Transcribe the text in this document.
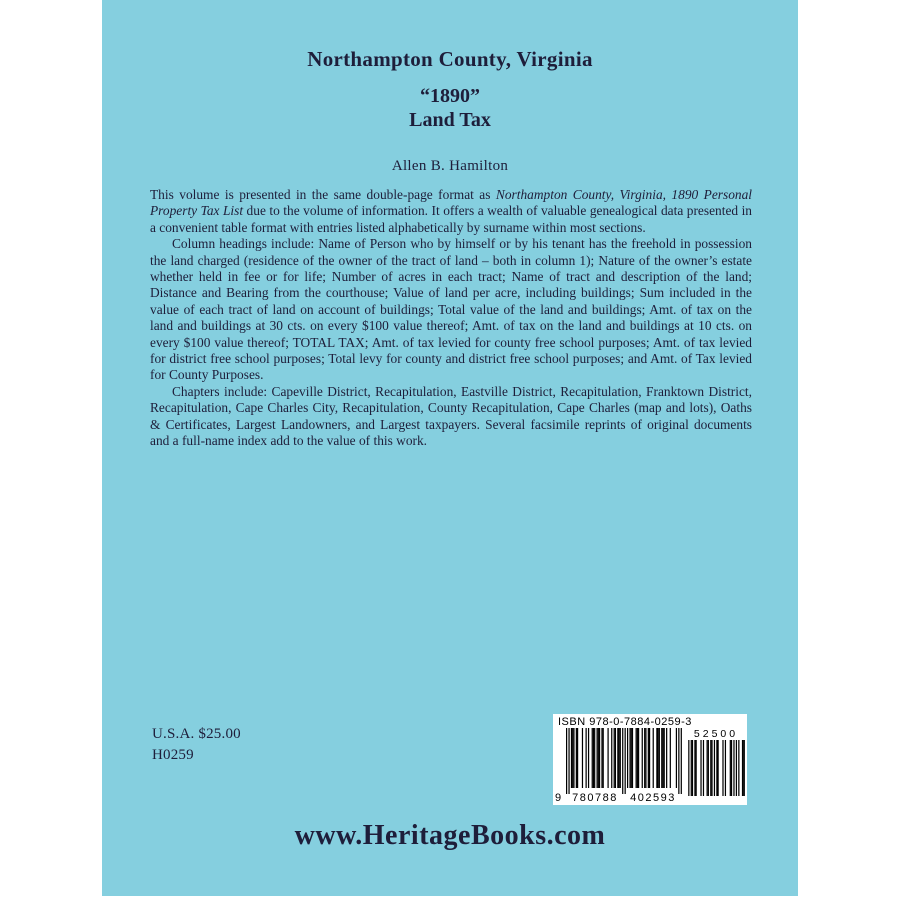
Northampton County, Virginia
“1890”
Land Tax
Allen B. Hamilton

This volume is presented in the same double-page format as Northampton County, Virginia, 1890 Personal Property Tax List due to the volume of information. It offers a wealth of valuable genealogical data presented in a convenient table format with entries listed alphabetically by surname within most sections.

Column headings include: Name of Person who by himself or by his tenant has the freehold in possession the land charged (residence of the owner of the tract of land – both in column 1); Nature of the owner’s estate whether held in fee or for life; Number of acres in each tract; Name of tract and description of the land; Distance and Bearing from the courthouse; Value of land per acre, including buildings; Sum included in the value of each tract of land on account of buildings; Total value of the land and buildings; Amt. of tax on the land and buildings at 30 cts. on every $100 value thereof; Amt. of tax on the land and buildings at 10 cts. on every $100 value thereof; TOTAL TAX; Amt. of tax levied for county free school purposes; Amt. of tax levied for district free school purposes; Total levy for county and district free school purposes; and Amt. of Tax levied for County Purposes.

Chapters include: Capeville District, Recapitulation, Eastville District, Recapitulation, Franktown District, Recapitulation, Cape Charles City, Recapitulation, County Recapitulation, Cape Charles (map and lots), Oaths & Certificates, Largest Landowners, and Largest taxpayers. Several facsimile reprints of original documents and a full-name index add to the value of this work.

U.S.A. $25.00
H0259
ISBN 978-0-7884-0259-3
9 780788 402593
52500
www.HeritageBooks.com
